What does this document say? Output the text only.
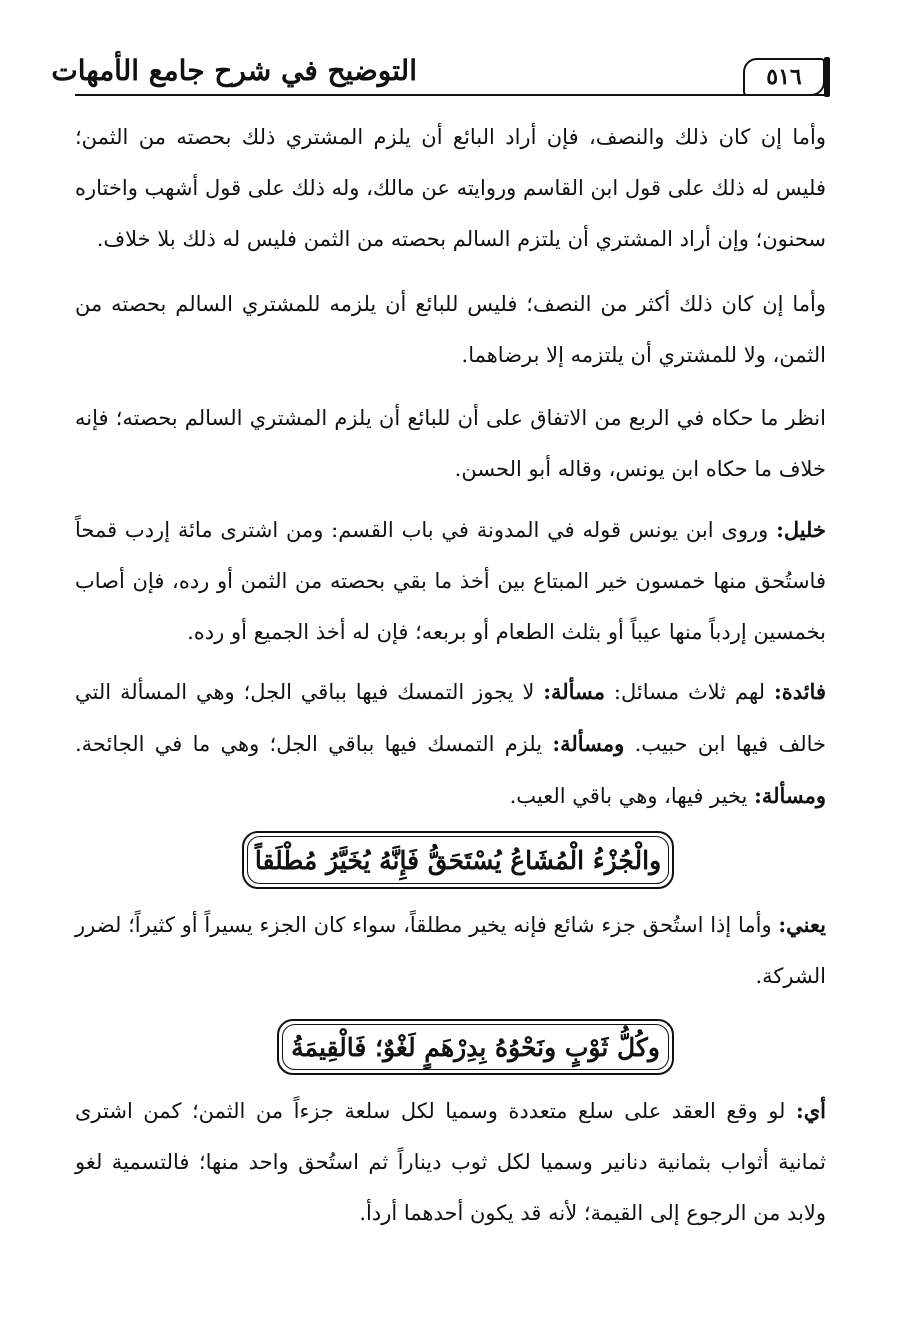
التوضيح في شرح جامع الأمهات	٥١٦

وأما إن كان ذلك والنصف، فإن أراد البائع أن يلزم المشتري ذلك بحصته من الثمن؛ فليس له ذلك على قول ابن القاسم وروايته عن مالك، وله ذلك على قول أشهب واختاره سحنون؛ وإن أراد المشتري أن يلتزم السالم بحصته من الثمن فليس له ذلك بلا خلاف.

وأما إن كان ذلك أكثر من النصف؛ فليس للبائع أن يلزمه للمشتري السالم بحصته من الثمن، ولا للمشتري أن يلتزمه إلا برضاهما.

انظر ما حكاه في الربع من الاتفاق على أن للبائع أن يلزم المشتري السالم بحصته؛ فإنه خلاف ما حكاه ابن يونس، وقاله أبو الحسن.

خليل: وروى ابن يونس قوله في المدونة في باب القسم: ومن اشترى مائة إردب قمحاً فاستُحق منها خمسون خير المبتاع بين أخذ ما بقي بحصته من الثمن أو رده، فإن أصاب بخمسين إردباً منها عيباً أو بثلث الطعام أو بربعه؛ فإن له أخذ الجميع أو رده.

فائدة: لهم ثلاث مسائل: مسألة: لا يجوز التمسك فيها بباقي الجل؛ وهي المسألة التي خالف فيها ابن حبيب. ومسألة: يلزم التمسك فيها بباقي الجل؛ وهي ما في الجائحة. ومسألة: يخير فيها، وهي باقي العيب.

والْجُزْءُ الْمُشَاعُ يُسْتَحَقُّ فَإِنَّهُ يُخَيَّرُ مُطْلَقاً

يعني: وأما إذا استُحق جزء شائع فإنه يخير مطلقاً، سواء كان الجزء يسيراً أو كثيراً؛ لضرر الشركة.

وكُلُّ ثَوْبٍ ونَحْوُهُ بِدِرْهَمٍ لَغْوٌ؛ فَالْقِيمَةُ

أي: لو وقع العقد على سلع متعددة وسميا لكل سلعة جزءاً من الثمن؛ كمن اشترى ثمانية أثواب بثمانية دنانير وسميا لكل ثوب ديناراً ثم استُحق واحد منها؛ فالتسمية لغو ولابد من الرجوع إلى القيمة؛ لأنه قد يكون أحدهما أردأ.
